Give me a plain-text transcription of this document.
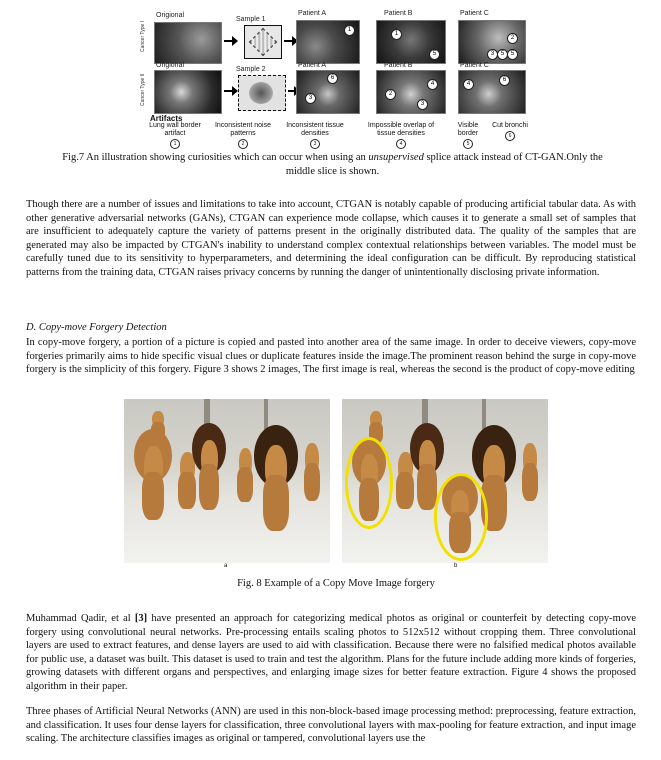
Cancer Type I
Cancer Type II
Origional
Sample 1
Patient A
1
Patient B
1
5
Patient C
2
3	5	5
Origional
Sample 2
Patient A
6
3
Patient B
4
2
3
Patient C
4
6
Artifacts
Lung wall border artifact
1
Inconsistent noise patterns
2
Inconsistent tissue densities
3
Impossible overlap of tissue densities
4
Visible border
5
Cut bronchi
6
Fig.7 An illustration showing curiosities which can occur when using an unsupervised splice attack instead of CT-GAN.Only the
middle slice is shown.

Though there are a number of issues and limitations to take into account, CTGAN is notably capable of producing artificial tabular data. As with other generative adversarial networks (GANs), CTGAN can experience mode collapse, which causes it to generate a small set of samples that are insufficient to adequately capture the variety of patterns present in the originally distributed data. The quality of the samples that are generated may also be impacted by CTGAN's inability to understand complex contextual relationships between variables. The model must be carefully tuned due to its sensitivity to hyperparameters, and determining the ideal configuration can be difficult. By reproducing statistical patterns from the training data, CTGAN raises privacy concerns by running the danger of unintentionally disclosing private information.

D. Copy-move Forgery Detection

In copy-move forgery, a portion of a picture is copied and pasted into another area of the same image. In order to deceive viewers, copy-move forgeries primarily aims to hide specific visual clues or duplicate features inside the image.The prominent reason behind the surge in copy-move forgery is the simplicity of this forgery. Figure 3 shows 2 images, The first image is real, whereas the second is the product of copy-move editing

a	b
Fig. 8 Example of a Copy Move Image forgery

Muhammad Qadir, et al [3] have presented an approach for categorizing medical photos as original or counterfeit by detecting copy-move forgery using convolutional neural networks. Pre-processing entails scaling photos to 512x512 without cropping them. Three convolutional layers are used to extract features, and dense layers are used to aid with classification. Because there were no falsified medical photos available for public use, a dataset was built. This dataset is used to train and test the algorithm. Plans for the future include adding more kinds of forgeries, growing datasets with different organs and perspectives, and enlarging image sizes for better feature extraction. Figure 4 shows the proposed algorithm in their paper.

Three phases of Artificial Neural Networks (ANN) are used in this non-block-based image processing method: preprocessing, feature extraction, and classification. It uses four dense layers for classification, three convolutional layers with max-pooling for feature extraction, and input image scaling. The architecture classifies images as original or tampered, convolutional layers use the
